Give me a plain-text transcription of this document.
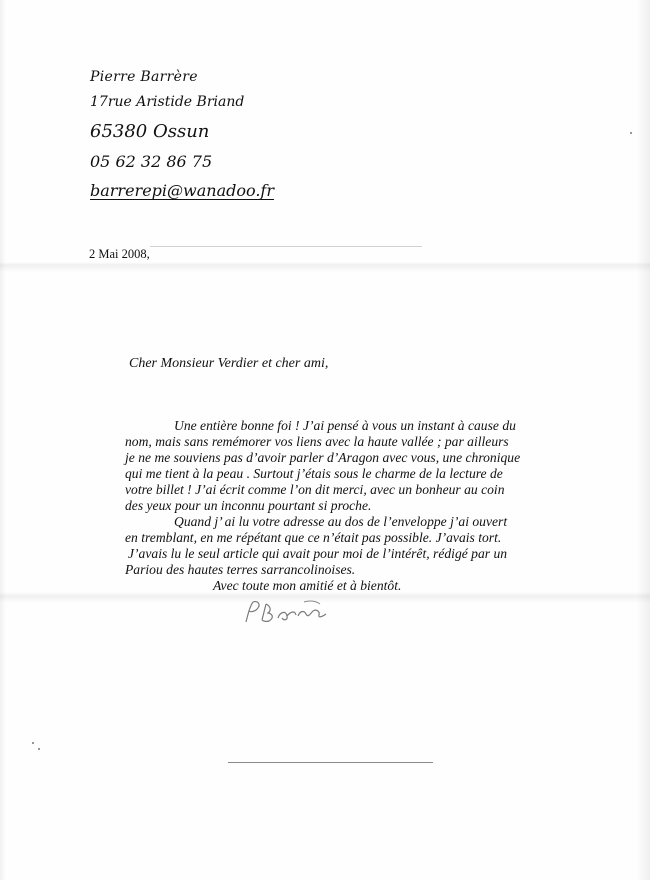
Pierre Barrère
17rue Aristide Briand
65380 Ossun
05 62 32 86 75
barrerepi@wanadoo.fr
2 Mai 2008,
Cher Monsieur Verdier et cher ami,
Une entière bonne foi ! J’ai pensé à vous un instant à cause du
nom, mais sans remémorer vos liens avec la haute vallée ; par ailleurs
je ne me souviens pas d’avoir parler d’Aragon avec vous, une chronique
qui me tient à la peau . Surtout j’étais sous le charme de la lecture de
votre billet ! J’ai écrit comme l’on dit merci, avec un bonheur au coin
des yeux pour un inconnu pourtant si proche.
Quand j’ ai lu votre adresse au dos de l’enveloppe j’ai ouvert
en tremblant, en me répétant que ce n’était pas possible. J’avais tort.
J’avais lu le seul article qui avait pour moi de l’intérêt, rédigé par un
Pariou des hautes terres sarrancolinoises.
Avec toute mon amitié et à bientôt.
